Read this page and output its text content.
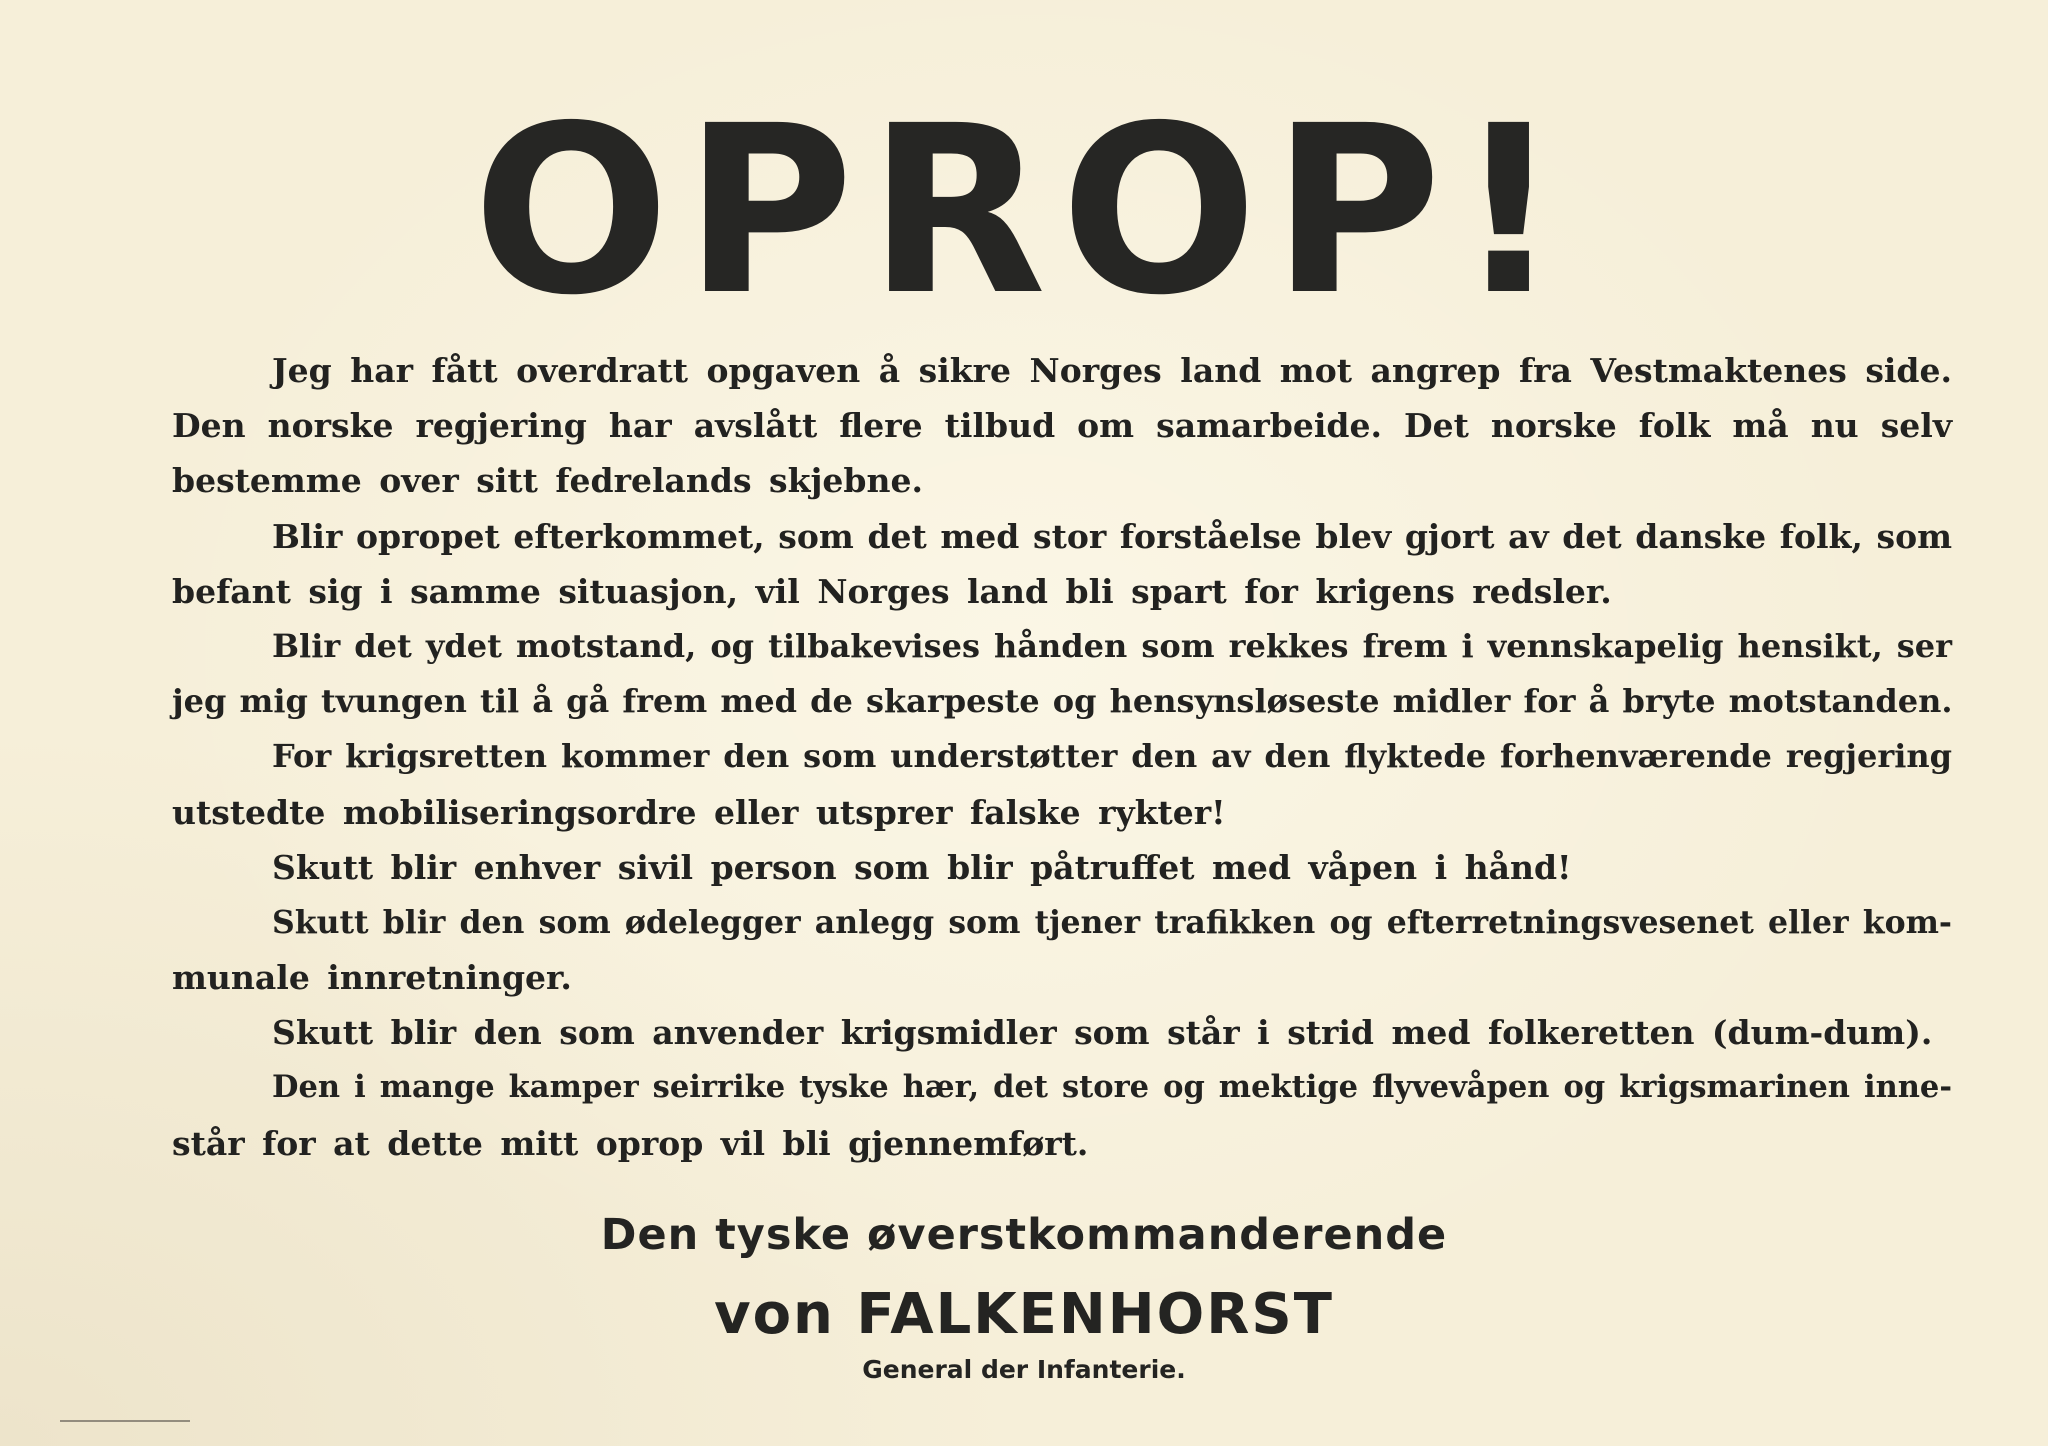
OPROP!
Jeg har fått overdratt opgaven å sikre Norges land mot angrep fra Vestmaktenes side.
Den norske regjering har avslått flere tilbud om samarbeide. Det norske folk må nu selv
bestemme over sitt fedrelands skjebne.
Blir opropet efterkommet, som det med stor forståelse blev gjort av det danske folk, som
befant sig i samme situasjon, vil Norges land bli spart for krigens redsler.
Blir det ydet motstand, og tilbakevises hånden som rekkes frem i vennskapelig hensikt, ser
jeg mig tvungen til å gå frem med de skarpeste og hensynsløseste midler for å bryte motstanden.
For krigsretten kommer den som understøtter den av den flyktede forhenværende regjering
utstedte mobiliseringsordre eller utsprer falske rykter!
Skutt blir enhver sivil person som blir påtruffet med våpen i hånd!
Skutt blir den som ødelegger anlegg som tjener trafikken og efterretningsvesenet eller kom-
munale innretninger.
Skutt blir den som anvender krigsmidler som står i strid med folkeretten (dum-dum).
Den i mange kamper seirrike tyske hær, det store og mektige flyvevåpen og krigsmarinen inne-
står for at dette mitt oprop vil bli gjennemført.

Den tyske øverstkommanderende

von FALKENHORST

General der Infanterie.
